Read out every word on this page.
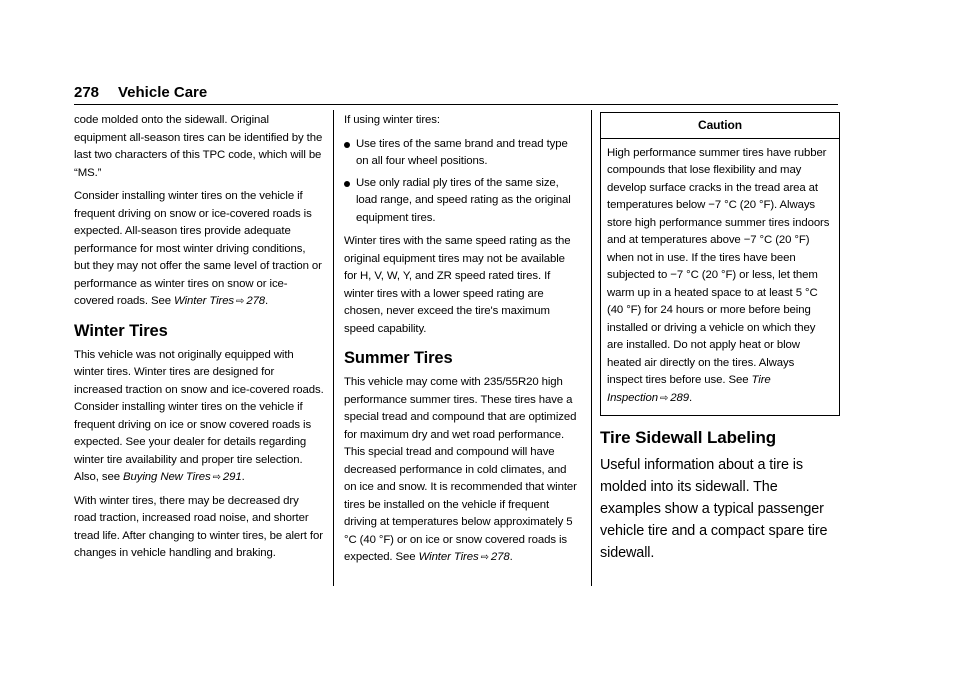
278 Vehicle Care

code molded onto the sidewall. Original equipment all-season tires can be identified by the last two characters of this TPC code, which will be “MS.”

Consider installing winter tires on the vehicle if frequent driving on snow or ice-covered roads is expected. All-season tires provide adequate performance for most winter driving conditions, but they may not offer the same level of traction or performance as winter tires on snow or ice-covered roads. See Winter Tires ⇨ 278.

Winter Tires

This vehicle was not originally equipped with winter tires. Winter tires are designed for increased traction on snow and ice-covered roads. Consider installing winter tires on the vehicle if frequent driving on ice or snow covered roads is expected. See your dealer for details regarding winter tire availability and proper tire selection. Also, see Buying New Tires ⇨ 291.

With winter tires, there may be decreased dry road traction, increased road noise, and shorter tread life. After changing to winter tires, be alert for changes in vehicle handling and braking.

If using winter tires:

Use tires of the same brand and tread type on all four wheel positions.
Use only radial ply tires of the same size, load range, and speed rating as the original equipment tires.

Winter tires with the same speed rating as the original equipment tires may not be available for H, V, W, Y, and ZR speed rated tires. If winter tires with a lower speed rating are chosen, never exceed the tire's maximum speed capability.

Summer Tires

This vehicle may come with 235/55R20 high performance summer tires. These tires have a special tread and compound that are optimized for maximum dry and wet road performance. This special tread and compound will have decreased performance in cold climates, and on ice and snow. It is recommended that winter tires be installed on the vehicle if frequent driving at temperatures below approximately 5 °C (40 °F) or on ice or snow covered roads is expected. See Winter Tires ⇨ 278.

Caution
High performance summer tires have rubber compounds that lose flexibility and may develop surface cracks in the tread area at temperatures below −7 °C (20 °F). Always store high performance summer tires indoors and at temperatures above −7 °C (20 °F) when not in use. If the tires have been subjected to −7 °C (20 °F) or less, let them warm up in a heated space to at least 5 °C (40 °F) for 24 hours or more before being installed or driving a vehicle on which they are installed. Do not apply heat or blow heated air directly on the tires. Always inspect tires before use. See Tire Inspection ⇨ 289.
Tire Sidewall Labeling

Useful information about a tire is molded into its sidewall. The examples show a typical passenger vehicle tire and a compact spare tire sidewall.
